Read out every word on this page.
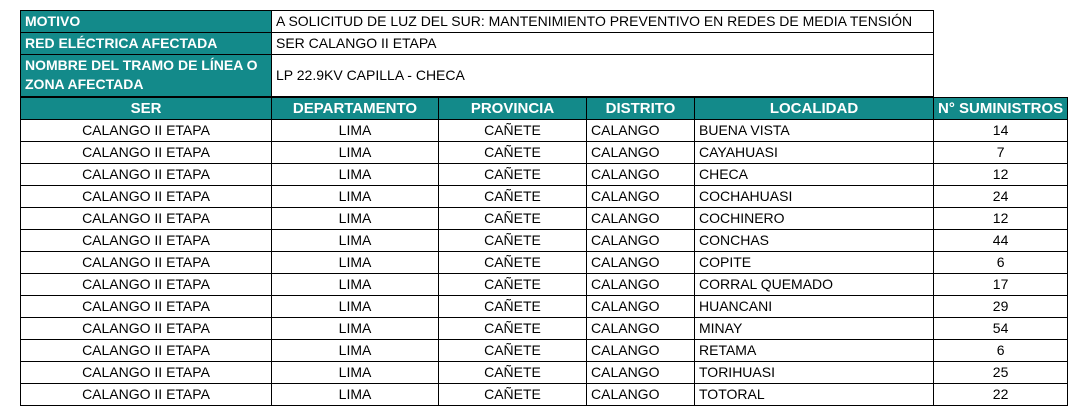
MOTIVO	A SOLICITUD DE LUZ DEL SUR: MANTENIMIENTO PREVENTIVO EN REDES DE MEDIA TENSIÓN
RED ELÉCTRICA AFECTADA	SER CALANGO II ETAPA
NOMBRE DEL TRAMO DE LÍNEA O ZONA AFECTADA	LP 22.9KV CAPILLA - CHECA
SER	DEPARTAMENTO	PROVINCIA	DISTRITO	LOCALIDAD	N° SUMINISTROS
CALANGO II ETAPA	LIMA	CAÑETE	CALANGO	BUENA VISTA	14
CALANGO II ETAPA	LIMA	CAÑETE	CALANGO	CAYAHUASI	7
CALANGO II ETAPA	LIMA	CAÑETE	CALANGO	CHECA	12
CALANGO II ETAPA	LIMA	CAÑETE	CALANGO	COCHAHUASI	24
CALANGO II ETAPA	LIMA	CAÑETE	CALANGO	COCHINERO	12
CALANGO II ETAPA	LIMA	CAÑETE	CALANGO	CONCHAS	44
CALANGO II ETAPA	LIMA	CAÑETE	CALANGO	COPITE	6
CALANGO II ETAPA	LIMA	CAÑETE	CALANGO	CORRAL QUEMADO	17
CALANGO II ETAPA	LIMA	CAÑETE	CALANGO	HUANCANI	29
CALANGO II ETAPA	LIMA	CAÑETE	CALANGO	MINAY	54
CALANGO II ETAPA	LIMA	CAÑETE	CALANGO	RETAMA	6
CALANGO II ETAPA	LIMA	CAÑETE	CALANGO	TORIHUASI	25
CALANGO II ETAPA	LIMA	CAÑETE	CALANGO	TOTORAL	22
